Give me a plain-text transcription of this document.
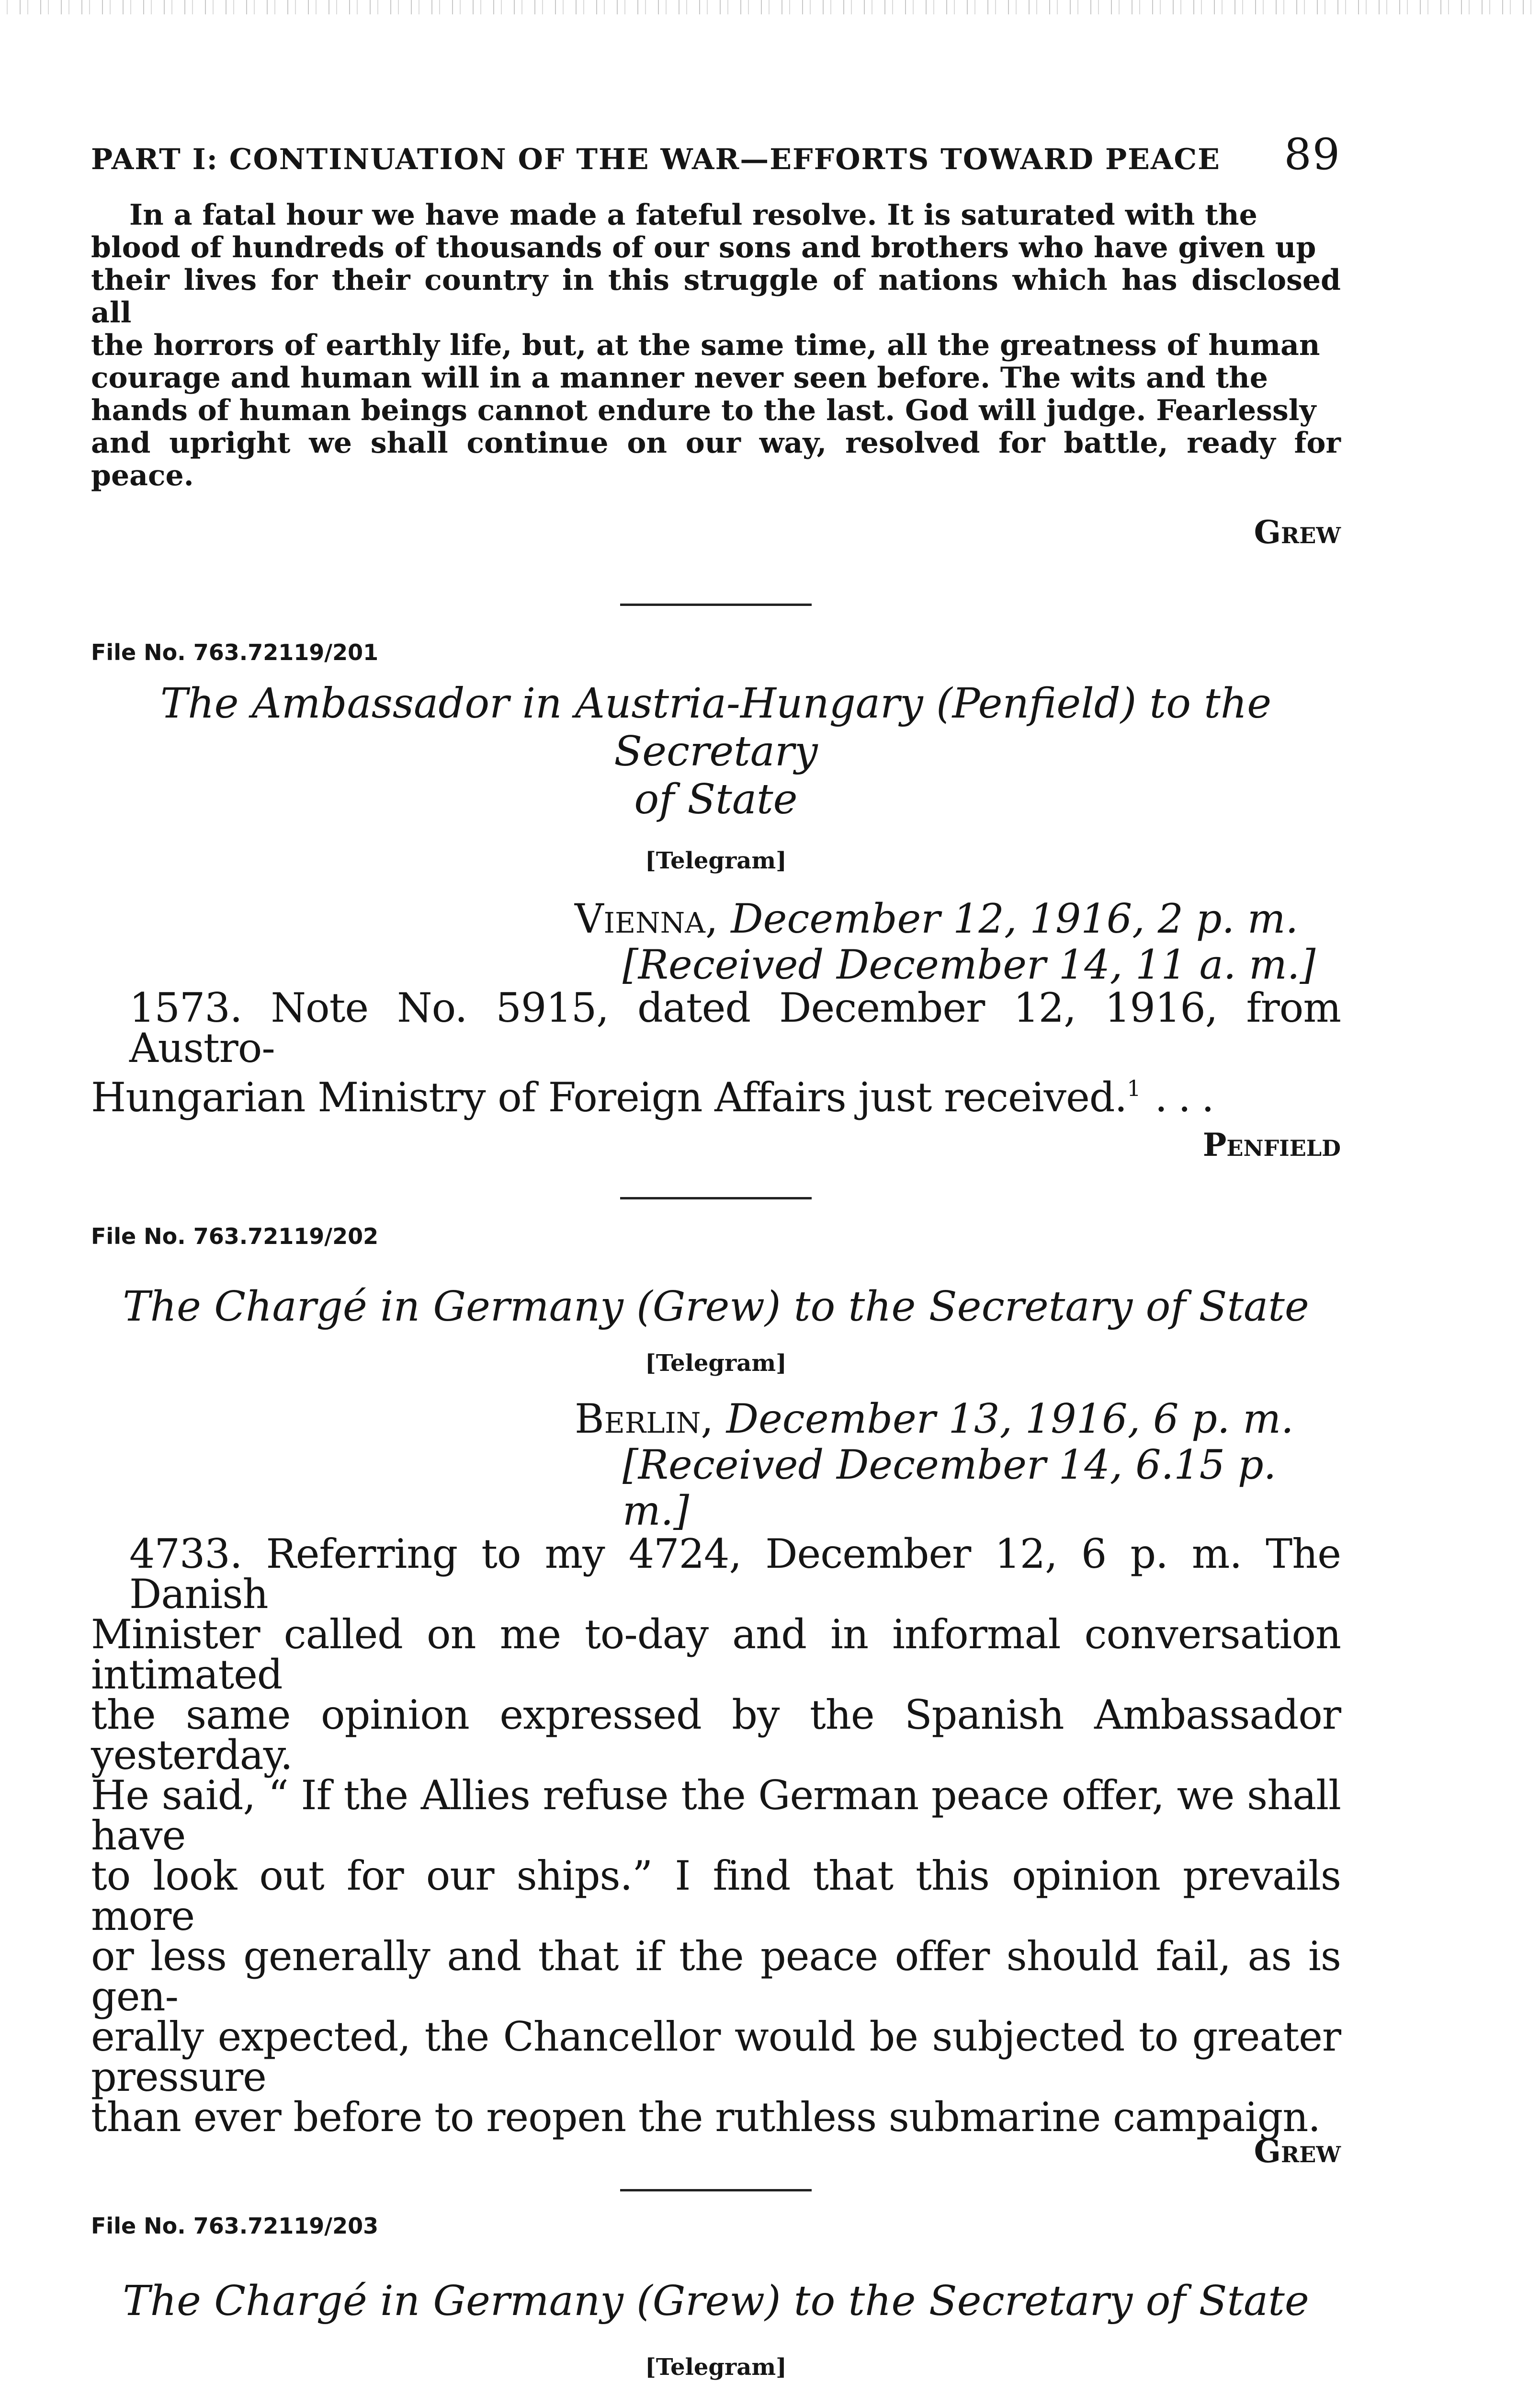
PART I: CONTINUATION OF THE WAR—EFFORTS TOWARD PEACE 89
In a fatal hour we have made a fateful resolve. It is saturated with the
blood of hundreds of thousands of our sons and brothers who have given up
their lives for their country in this struggle of nations which has disclosed all
the horrors of earthly life, but, at the same time, all the greatness of human
courage and human will in a manner never seen before. The wits and the
hands of human beings cannot endure to the last. God will judge. Fearlessly
and upright we shall continue on our way, resolved for battle, ready for peace.
Grew
File No. 763.72119/201
The Ambassador in Austria-Hungary (Penfield) to the Secretary
of State
[Telegram]
Vienna, December 12, 1916, 2 p. m.
[Received December 14, 11 a. m.]
1573. Note No. 5915, dated December 12, 1916, from Austro-
Hungarian Ministry of Foreign Affairs just received.$^1$ ...
Penfield
File No. 763.72119/202
The Chargé in Germany (Grew) to the Secretary of State
[Telegram]
Berlin, December 13, 1916, 6 p. m.
[Received December 14, 6.15 p. m.]
4733. Referring to my 4724, December 12, 6 p. m. The Danish
Minister called on me to-day and in informal conversation intimated
the same opinion expressed by the Spanish Ambassador yesterday.
He said, “ If the Allies refuse the German peace offer, we shall have
to look out for our ships.” I find that this opinion prevails more
or less generally and that if the peace offer should fail, as is gen-
erally expected, the Chancellor would be subjected to greater pressure
than ever before to reopen the ruthless submarine campaign.
Grew
File No. 763.72119/203
The Chargé in Germany (Grew) to the Secretary of State
[Telegram]
